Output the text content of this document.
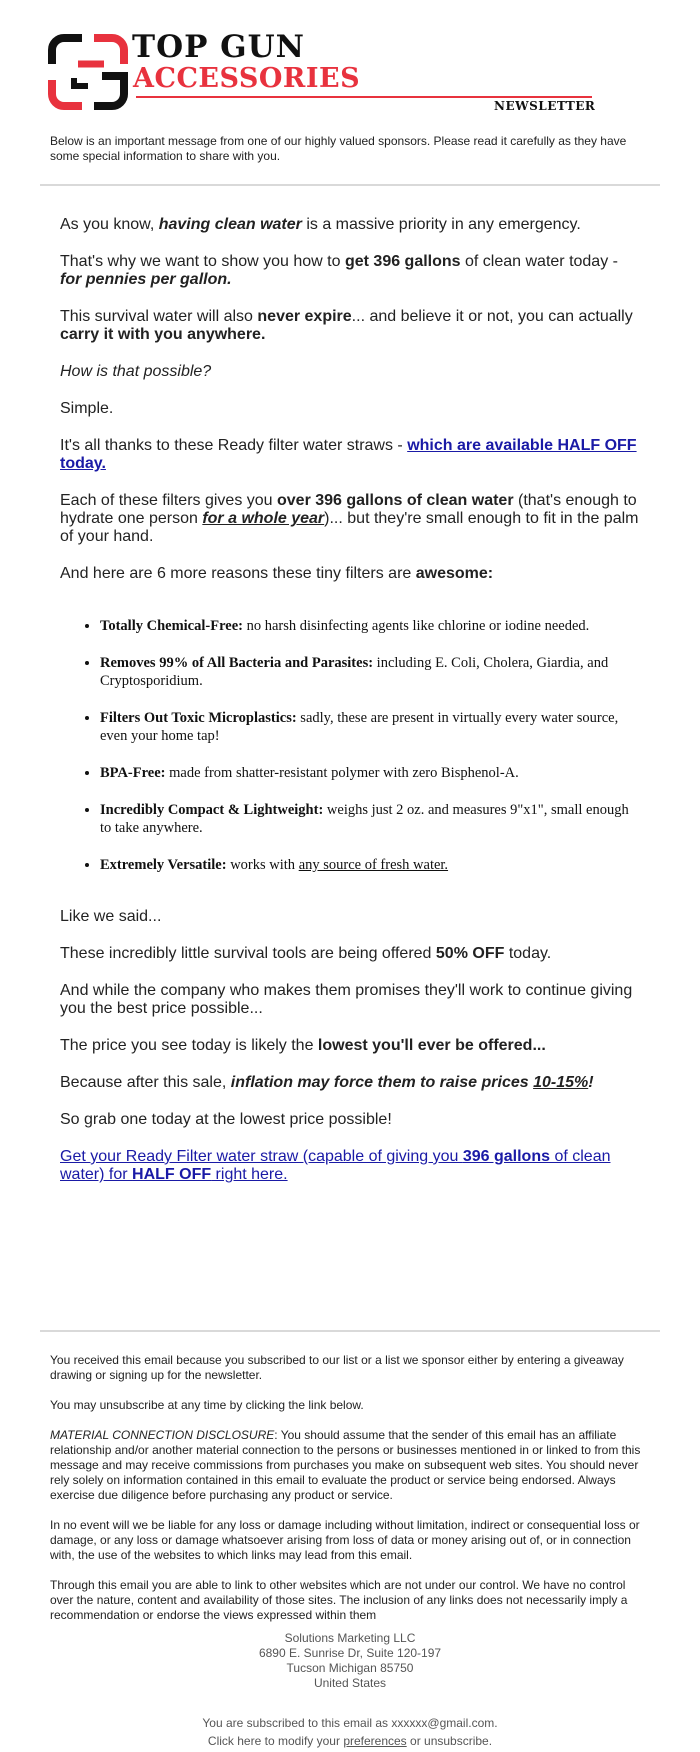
TOP GUN
ACCESSORIES
NEWSLETTER
Below is an important message from one of our highly valued sponsors. Please read it carefully as they have some special information to share with you.

As you know, having clean water is a massive priority in any emergency.

That's why we want to show you how to get 396 gallons of clean water today - for pennies per gallon.

This survival water will also never expire... and believe it or not, you can actually carry it with you anywhere.

How is that possible?

Simple.

It's all thanks to these Ready filter water straws - which are available HALF OFF today.

Each of these filters gives you over 396 gallons of clean water (that's enough to hydrate one person for a whole year)... but they're small enough to fit in the palm of your hand.

And here are 6 more reasons these tiny filters are awesome:

• Totally Chemical-Free: no harsh disinfecting agents like chlorine or iodine needed.
• Removes 99% of All Bacteria and Parasites: including E. Coli, Cholera, Giardia, and Cryptosporidium.
• Filters Out Toxic Microplastics: sadly, these are present in virtually every water source, even your home tap!
• BPA-Free: made from shatter-resistant polymer with zero Bisphenol-A.
• Incredibly Compact & Lightweight: weighs just 2 oz. and measures 9"x1", small enough to take anywhere.
• Extremely Versatile: works with any source of fresh water.

Like we said...

These incredibly little survival tools are being offered 50% OFF today.

And while the company who makes them promises they'll work to continue giving you the best price possible...

The price you see today is likely the lowest you'll ever be offered...

Because after this sale, inflation may force them to raise prices 10-15%!

So grab one today at the lowest price possible!

Get your Ready Filter water straw (capable of giving you 396 gallons of clean water) for HALF OFF right here.

You received this email because you subscribed to our list or a list we sponsor either by entering a giveaway drawing or signing up for the newsletter.

You may unsubscribe at any time by clicking the link below.

MATERIAL CONNECTION DISCLOSURE: You should assume that the sender of this email has an affiliate relationship and/or another material connection to the persons or businesses mentioned in or linked to from this message and may receive commissions from purchases you make on subsequent web sites. You should never rely solely on information contained in this email to evaluate the product or service being endorsed. Always exercise due diligence before purchasing any product or service.

In no event will we be liable for any loss or damage including without limitation, indirect or consequential loss or damage, or any loss or damage whatsoever arising from loss of data or money arising out of, or in connection with, the use of the websites to which links may lead from this email.

Through this email you are able to link to other websites which are not under our control. We have no control over the nature, content and availability of those sites. The inclusion of any links does not necessarily imply a recommendation or endorse the views expressed within them

Solutions Marketing LLC
6890 E. Sunrise Dr, Suite 120-197
Tucson Michigan 85750
United States
You are subscribed to this email as xxxxxx@gmail.com.
Click here to modify your preferences or unsubscribe.
